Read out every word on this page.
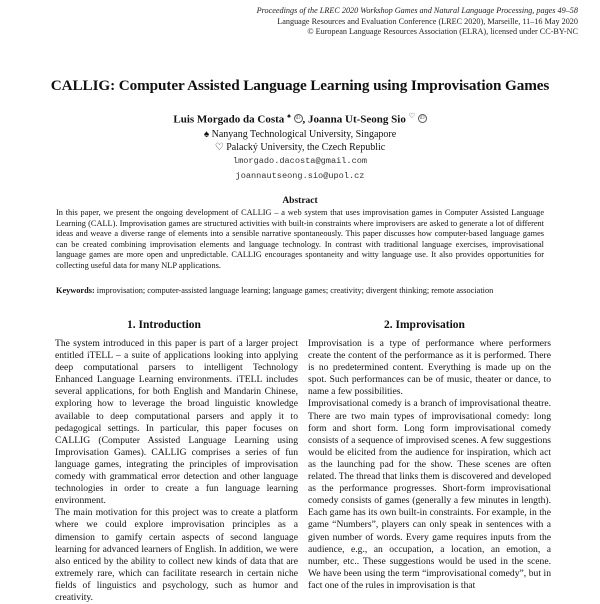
Proceedings of the LREC 2020 Workshop Games and Natural Language Processing, pages 49–58
Language Resources and Evaluation Conference (LREC 2020), Marseille, 11–16 May 2020
© European Language Resources Association (ELRA), licensed under CC-BY-NC
CALLIG: Computer Assisted Language Learning using Improvisation Games
Luis Morgado da Costa ♠ iD , Joanna Ut-Seong Sio ♡ iD
♠ Nanyang Technological University, Singapore
♡ Palacký University, the Czech Republic
lmorgado.dacosta@gmail.com
joannautseong.sio@upol.cz
Abstract
In this paper, we present the ongoing development of CALLIG – a web system that uses improvisation games in Computer Assisted Language Learning (CALL). Improvisation games are structured activities with built-in constraints where improvisers are asked to generate a lot of different ideas and weave a diverse range of elements into a sensible narrative spontaneously. This paper discusses how computer-based language games can be created combining improvisation elements and language technology. In contrast with traditional language exercises, improvisational language games are more open and unpredictable. CALLIG encourages spontaneity and witty language use. It also provides opportunities for collecting useful data for many NLP applications.
Keywords: improvisation; computer-assisted language learning; language games; creativity; divergent thinking; remote association
1. Introduction	2. Improvisation

The system introduced in this paper is part of a larger project entitled iTELL – a suite of applications looking into applying deep computational parsers to intelligent Technology Enhanced Language Learning environments. iTELL includes several applications, for both English and Mandarin Chinese, exploring how to leverage the broad linguistic knowledge available to deep computational parsers and apply it to pedagogical settings. In particular, this paper focuses on CALLIG (Computer Assisted Language Learning using Improvisation Games). CALLIG comprises a series of fun language games, integrating the principles of improvisation comedy with grammatical error detection and other language technologies in order to create a fun language learning environment.

The main motivation for this project was to create a platform where we could explore improvisation principles as a dimension to gamify certain aspects of second language learning for advanced learners of English. In addition, we were also enticed by the ability to collect new kinds of data that are extremely rare, which can facilitate research in certain niche fields of linguistics and psychology, such as humor and creativity.

Improvisation is a type of performance where performers create the content of the performance as it is performed. There is no predetermined content. Everything is made up on the spot. Such performances can be of music, theater or dance, to name a few possibilities.

Improvisational comedy is a branch of improvisational theatre. There are two main types of improvisational comedy: long form and short form. Long form improvisational comedy consists of a sequence of improvised scenes. A few suggestions would be elicited from the audience for inspiration, which act as the launching pad for the show. These scenes are often related. The thread that links them is discovered and developed as the performance progresses. Short-form improvisational comedy consists of games (generally a few minutes in length). Each game has its own built-in constraints. For example, in the game “Numbers”, players can only speak in sentences with a given number of words. Every game requires inputs from the audience, e.g., an occupation, a location, an emotion, a number, etc.. These suggestions would be used in the scene. We have been using the term “improvisational comedy”, but in fact one of the rules in improvisation is that
